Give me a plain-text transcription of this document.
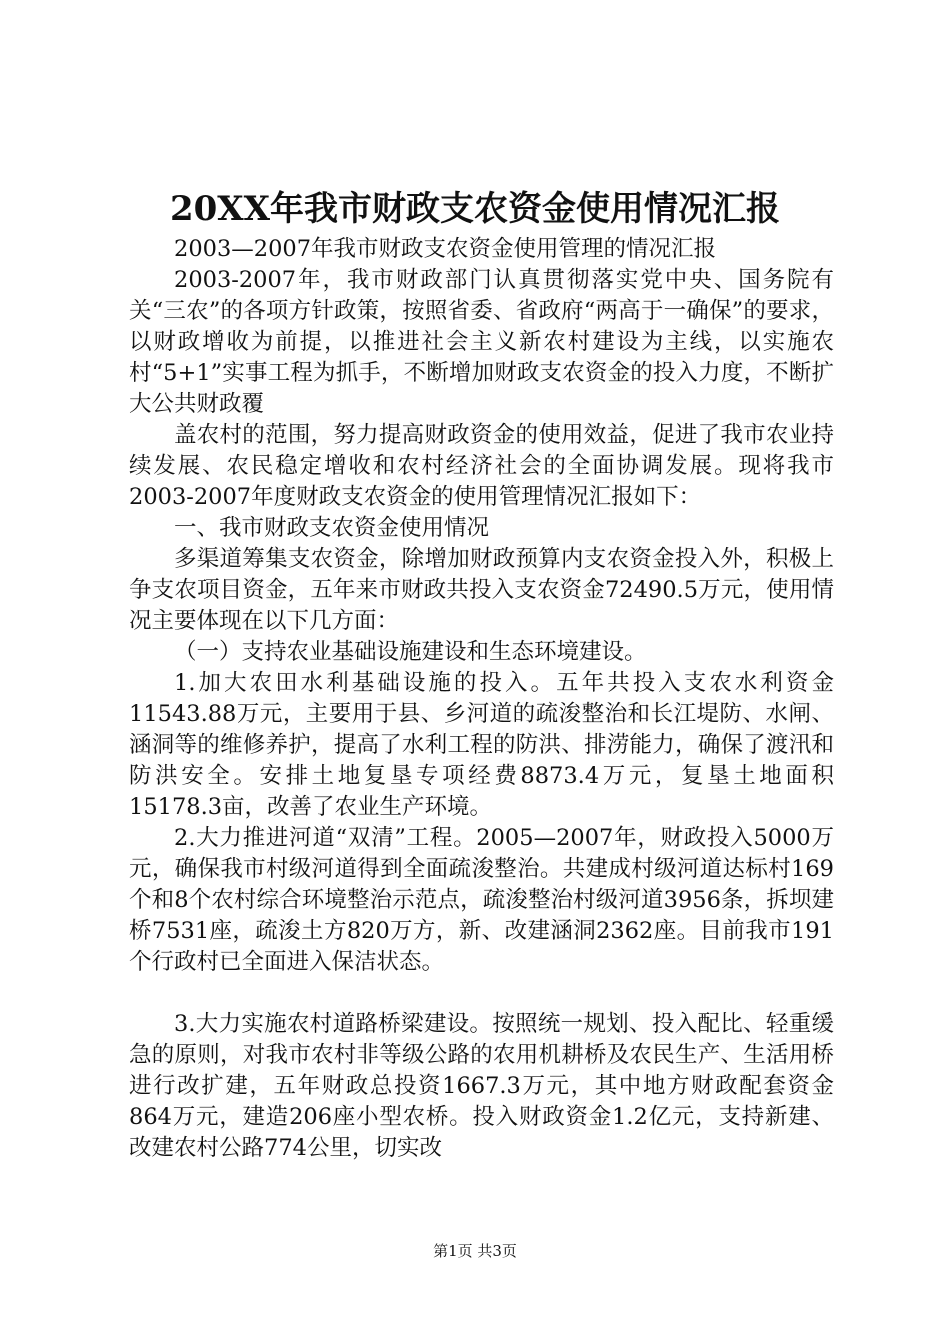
20XX年我市财政支农资金使用情况汇报

2003—2007年我市财政支农资金使用管理的情况汇报

2003-2007年，我市财政部门认真贯彻落实党中央、国务院有关“三农”的各项方针政策，按照省委、省政府“两高于一确保”的要求，以财政增收为前提，以推进社会主义新农村建设为主线，以实施农村“5+1”实事工程为抓手，不断增加财政支农资金的投入力度，不断扩大公共财政覆

盖农村的范围，努力提高财政资金的使用效益，促进了我市农业持续发展、农民稳定增收和农村经济社会的全面协调发展。现将我市2003-2007年度财政支农资金的使用管理情况汇报如下：

一、我市财政支农资金使用情况

多渠道筹集支农资金，除增加财政预算内支农资金投入外，积极上争支农项目资金，五年来市财政共投入支农资金72490.5万元，使用情况主要体现在以下几方面：

（一）支持农业基础设施建设和生态环境建设。

1.加大农田水利基础设施的投入。五年共投入支农水利资金11543.88万元，主要用于县、乡河道的疏浚整治和长江堤防、水闸、涵洞等的维修养护，提高了水利工程的防洪、排涝能力，确保了渡汛和防洪安全。安排土地复垦专项经费8873.4万元，复垦土地面积15178.3亩，改善了农业生产环境。

2.大力推进河道“双清”工程。2005—2007年，财政投入5000万元，确保我市村级河道得到全面疏浚整治。共建成村级河道达标村169个和8个农村综合环境整治示范点，疏浚整治村级河道3956条，拆坝建桥7531座，疏浚土方820万方，新、改建涵洞2362座。目前我市191个行政村已全面进入保洁状态。

3.大力实施农村道路桥梁建设。按照统一规划、投入配比、轻重缓急的原则，对我市农村非等级公路的农用机耕桥及农民生产、生活用桥进行改扩建，五年财政总投资1667.3万元，其中地方财政配套资金864万元，建造206座小型农桥。投入财政资金1.2亿元，支持新建、改建农村公路774公里，切实改

第1页 共3页
